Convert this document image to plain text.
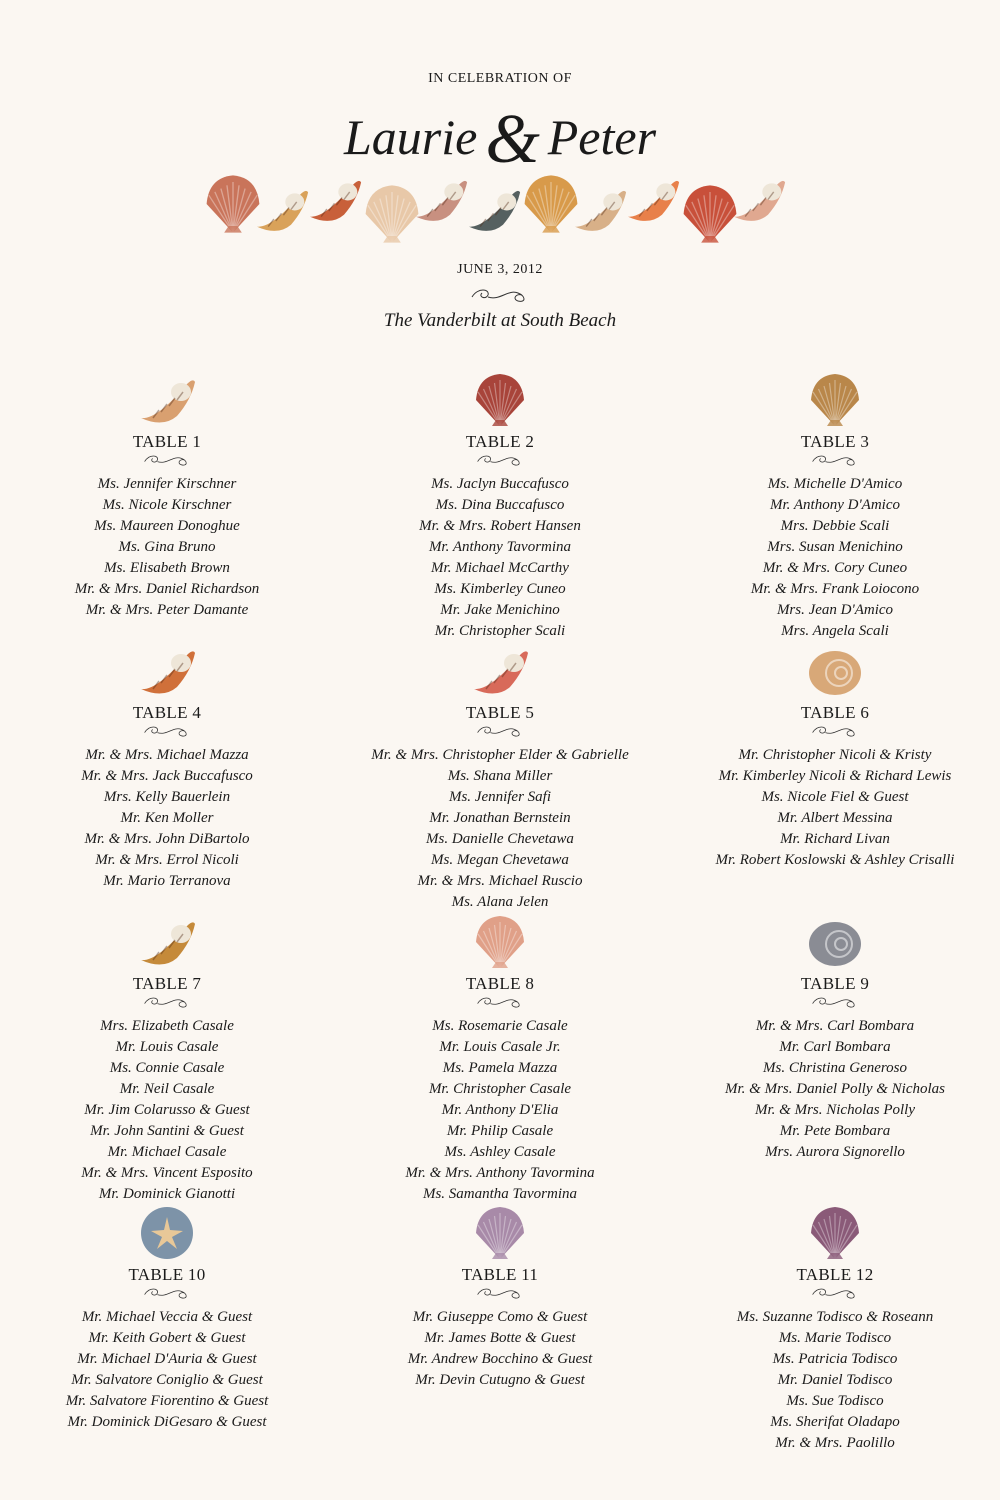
IN CELEBRATION OF
Laurie & Peter
JUNE 3, 2012
The Vanderbilt at South Beach
TABLE 1
Ms. Jennifer Kirschner
Ms. Nicole Kirschner
Ms. Maureen Donoghue
Ms. Gina Bruno
Ms. Elisabeth Brown
Mr. & Mrs. Daniel Richardson
Mr. & Mrs. Peter Damante
TABLE 2
Ms. Jaclyn Buccafusco
Ms. Dina Buccafusco
Mr. & Mrs. Robert Hansen
Mr. Anthony Tavormina
Mr. Michael McCarthy
Ms. Kimberley Cuneo
Mr. Jake Menichino
Mr. Christopher Scali
TABLE 3
Ms. Michelle D'Amico
Mr. Anthony D'Amico
Mrs. Debbie Scali
Mrs. Susan Menichino
Mr. & Mrs. Cory Cuneo
Mr. & Mrs. Frank Loiocono
Mrs. Jean D'Amico
Mrs. Angela Scali
TABLE 4
Mr. & Mrs. Michael Mazza
Mr. & Mrs. Jack Buccafusco
Mrs. Kelly Bauerlein
Mr. Ken Moller
Mr. & Mrs. John DiBartolo
Mr. & Mrs. Errol Nicoli
Mr. Mario Terranova
TABLE 5
Mr. & Mrs. Christopher Elder & Gabrielle
Ms. Shana Miller
Ms. Jennifer Safi
Mr. Jonathan Bernstein
Ms. Danielle Chevetawa
Ms. Megan Chevetawa
Mr. & Mrs. Michael Ruscio
Ms. Alana Jelen
TABLE 6
Mr. Christopher Nicoli & Kristy
Mr. Kimberley Nicoli & Richard Lewis
Ms. Nicole Fiel & Guest
Mr. Albert Messina
Mr. Richard Livan
Mr. Robert Koslowski & Ashley Crisalli
TABLE 7
Mrs. Elizabeth Casale
Mr. Louis Casale
Ms. Connie Casale
Mr. Neil Casale
Mr. Jim Colarusso & Guest
Mr. John Santini & Guest
Mr. Michael Casale
Mr. & Mrs. Vincent Esposito
Mr. Dominick Gianotti
TABLE 8
Ms. Rosemarie Casale
Mr. Louis Casale Jr.
Ms. Pamela Mazza
Mr. Christopher Casale
Mr. Anthony D'Elia
Mr. Philip Casale
Ms. Ashley Casale
Mr. & Mrs. Anthony Tavormina
Ms. Samantha Tavormina
TABLE 9
Mr. & Mrs. Carl Bombara
Mr. Carl Bombara
Ms. Christina Generoso
Mr. & Mrs. Daniel Polly & Nicholas
Mr. & Mrs. Nicholas Polly
Mr. Pete Bombara
Mrs. Aurora Signorello
TABLE 10
Mr. Michael Veccia & Guest
Mr. Keith Gobert & Guest
Mr. Michael D'Auria & Guest
Mr. Salvatore Coniglio & Guest
Mr. Salvatore Fiorentino & Guest
Mr. Dominick DiGesaro & Guest
TABLE 11
Mr. Giuseppe Como & Guest
Mr. James Botte & Guest
Mr. Andrew Bocchino & Guest
Mr. Devin Cutugno & Guest
TABLE 12
Ms. Suzanne Todisco & Roseann
Ms. Marie Todisco
Ms. Patricia Todisco
Mr. Daniel Todisco
Ms. Sue Todisco
Ms. Sherifat Oladapo
Mr. & Mrs. Paolillo
